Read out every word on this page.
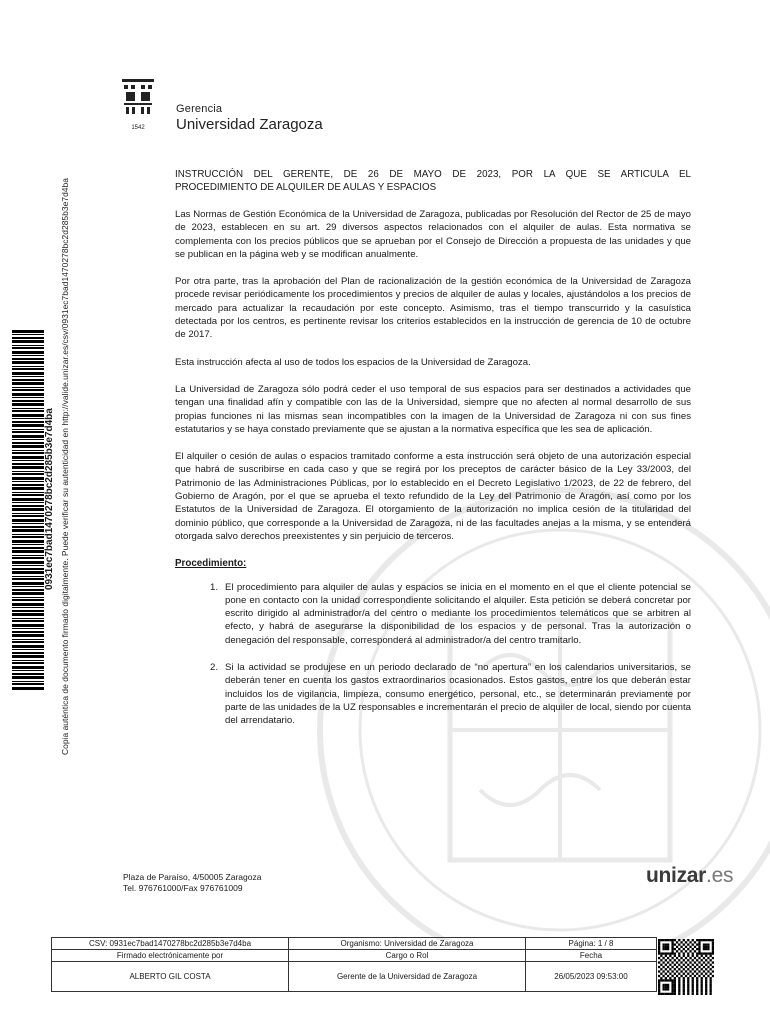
1542
Gerencia
Universidad Zaragoza
0931ec7bad1470278bc2d285b3e7d4ba Copia auténtica de documento firmado digitalmente. Puede verificar su autenticidad en http://valide.unizar.es/csv/0931ec7bad1470278bc2d285b3e7d4ba
INSTRUCCIÓN DEL GERENTE, DE 26 DE MAYO DE 2023, POR LA QUE SE ARTICULA EL
PROCEDIMIENTO DE ALQUILER DE AULAS Y ESPACIOS

Las Normas de Gestión Económica de la Universidad de Zaragoza, publicadas por Resolución del Rector de 25 de mayo de 2023, establecen en su art. 29 diversos aspectos relacionados con el alquiler de aulas. Esta normativa se complementa con los precios públicos que se aprueban por el Consejo de Dirección a propuesta de las unidades y que se publican en la página web y se modifican anualmente.

Por otra parte, tras la aprobación del Plan de racionalización de la gestión económica de la Universidad de Zaragoza procede revisar periódicamente los procedimientos y precios de alquiler de aulas y locales, ajustándolos a los precios de mercado para actualizar la recaudación por este concepto. Asimismo, tras el tiempo transcurrido y la casuística detectada por los centros, es pertinente revisar los criterios establecidos en la instrucción de gerencia de 10 de octubre de 2017.

Esta instrucción afecta al uso de todos los espacios de la Universidad de Zaragoza.

La Universidad de Zaragoza sólo podrá ceder el uso temporal de sus espacios para ser destinados a actividades que tengan una finalidad afín y compatible con las de la Universidad, siempre que no afecten al normal desarrollo de sus propias funciones ni las mismas sean incompatibles con la imagen de la Universidad de Zaragoza ni con sus fines estatutarios y se haya constado previamente que se ajustan a la normativa específica que les sea de aplicación.

El alquiler o cesión de aulas o espacios tramitado conforme a esta instrucción será objeto de una autorización especial que habrá de suscribirse en cada caso y que se regirá por los preceptos de carácter básico de la Ley 33/2003, del Patrimonio de las Administraciones Públicas, por lo establecido en el Decreto Legislativo 1/2023, de 22 de febrero, del Gobierno de Aragón, por el que se aprueba el texto refundido de la Ley del Patrimonio de Aragón, así como por los Estatutos de la Universidad de Zaragoza. El otorgamiento de la autorización no implica cesión de la titularidad del dominio público, que corresponde a la Universidad de Zaragoza, ni de las facultades anejas a la misma, y se entenderá otorgada salvo derechos preexistentes y sin perjuicio de terceros.

Procedimiento:
1. El procedimiento para alquiler de aulas y espacios se inicia en el momento en el que el cliente potencial se pone en contacto con la unidad correspondiente solicitando el alquiler. Esta petición se deberá concretar por escrito dirigido al administrador/a del centro o mediante los procedimientos telemáticos que se arbitren al efecto, y habrá de asegurarse la disponibilidad de los espacios y de personal. Tras la autorización o denegación del responsable, corresponderá al administrador/a del centro tramitarlo.
2. Si la actividad se produjese en un periodo declarado de “no apertura” en los calendarios universitarios, se deberán tener en cuenta los gastos extraordinarios ocasionados. Estos gastos, entre los que deberán estar incluidos los de vigilancia, limpieza, consumo energético, personal, etc., se determinarán previamente por parte de las unidades de la UZ responsables e incrementarán el precio de alquiler de local, siendo por cuenta del arrendatario.
Plaza de Paraíso, 4/50005 Zaragoza
Tel. 976761000/Fax 976761009
unizar.es
CSV: 0931ec7bad1470278bc2d285b3e7d4ba	Organismo: Universidad de Zaragoza	Página: 1 / 8
Firmado electrónicamente por	Cargo o Rol	Fecha
ALBERTO GIL COSTA	Gerente de la Universidad de Zaragoza	26/05/2023 09:53:00
